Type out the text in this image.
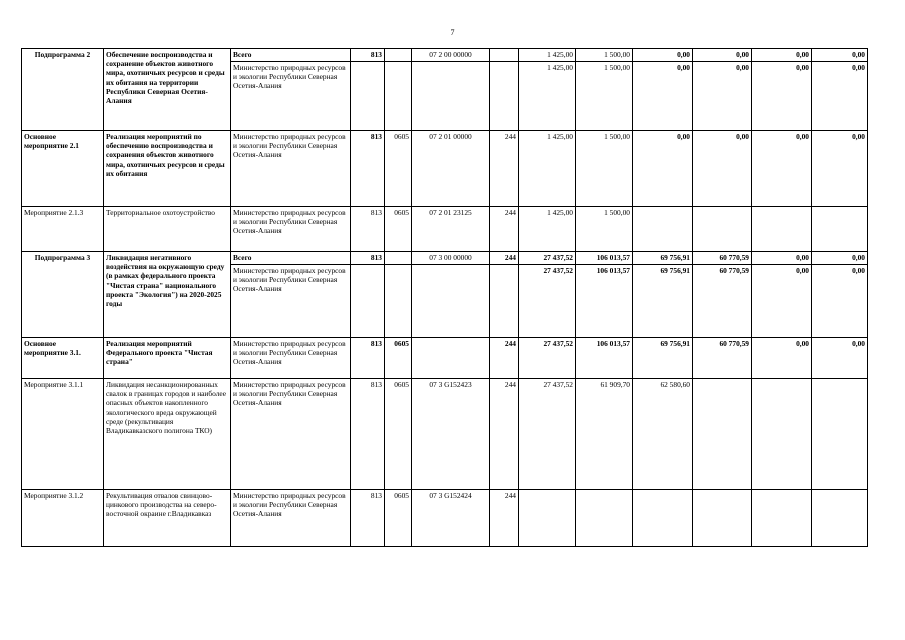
7
Подпрограмма 2	Обеспечение воспроизводства и сохранение объектов животного мира, охотничьих ресурсов и среды их обитания на территории Республики Северная Осетия-Алания	Всего	813		07 2 00 00000		1 425,00	1 500,00	0,00	0,00	0,00	0,00
		Министерство природных ресурсов и экологии Республики Северная Осетия-Алания					1 425,00	1 500,00	0,00	0,00	0,00	0,00
Основное мероприятие 2.1	Реализация мероприятий по обеспечению воспроизводства и сохранения объектов животного мира, охотничьих ресурсов и среды их обитания	Министерство природных ресурсов и экологии Республики Северная Осетия-Алания	813	0605	07 2 01 00000	244	1 425,00	1 500,00	0,00	0,00	0,00	0,00
Мероприятие 2.1.3	Территориальное охотоустройство	Министерство природных ресурсов и экологии Республики Северная Осетия-Алания	813	0605	07 2 01 23125	244	1 425,00	1 500,00				
Подпрограмма 3	Ликвидация негативного воздействия на окружающую среду (в рамках федерального проекта "Чистая страна" национального проекта "Экология") на 2020-2025 годы	Всего	813		07 3 00 00000	244	27 437,52	106 013,57	69 756,91	60 770,59	0,00	0,00
		Министерство природных ресурсов и экологии Республики Северная Осетия-Алания					27 437,52	106 013,57	69 756,91	60 770,59	0,00	0,00
Основное мероприятие 3.1.	Реализация мероприятий Федерального проекта "Чистая страна"	Министерство природных ресурсов и экологии Республики Северная Осетия-Алания	813	0605		244	27 437,52	106 013,57	69 756,91	60 770,59	0,00	0,00
Мероприятие 3.1.1	Ликвидация несанкционированных свалок в границах городов и наиболее опасных объектов накопленного экологического вреда окружающей среде (рекультивация Владикавказского полигона ТКО)	Министерство природных ресурсов и экологии Республики Северная Осетия-Алания	813	0605	07 3 G152423	244	27 437,52	61 909,70	62 580,60			
Мероприятие 3.1.2	Рекультивация отвалов свинцово-цинкового производства на северо-восточной окраине г.Владикавказ	Министерство природных ресурсов и экологии Республики Северная Осетия-Алания	813	0605	07 3 G152424	244						
